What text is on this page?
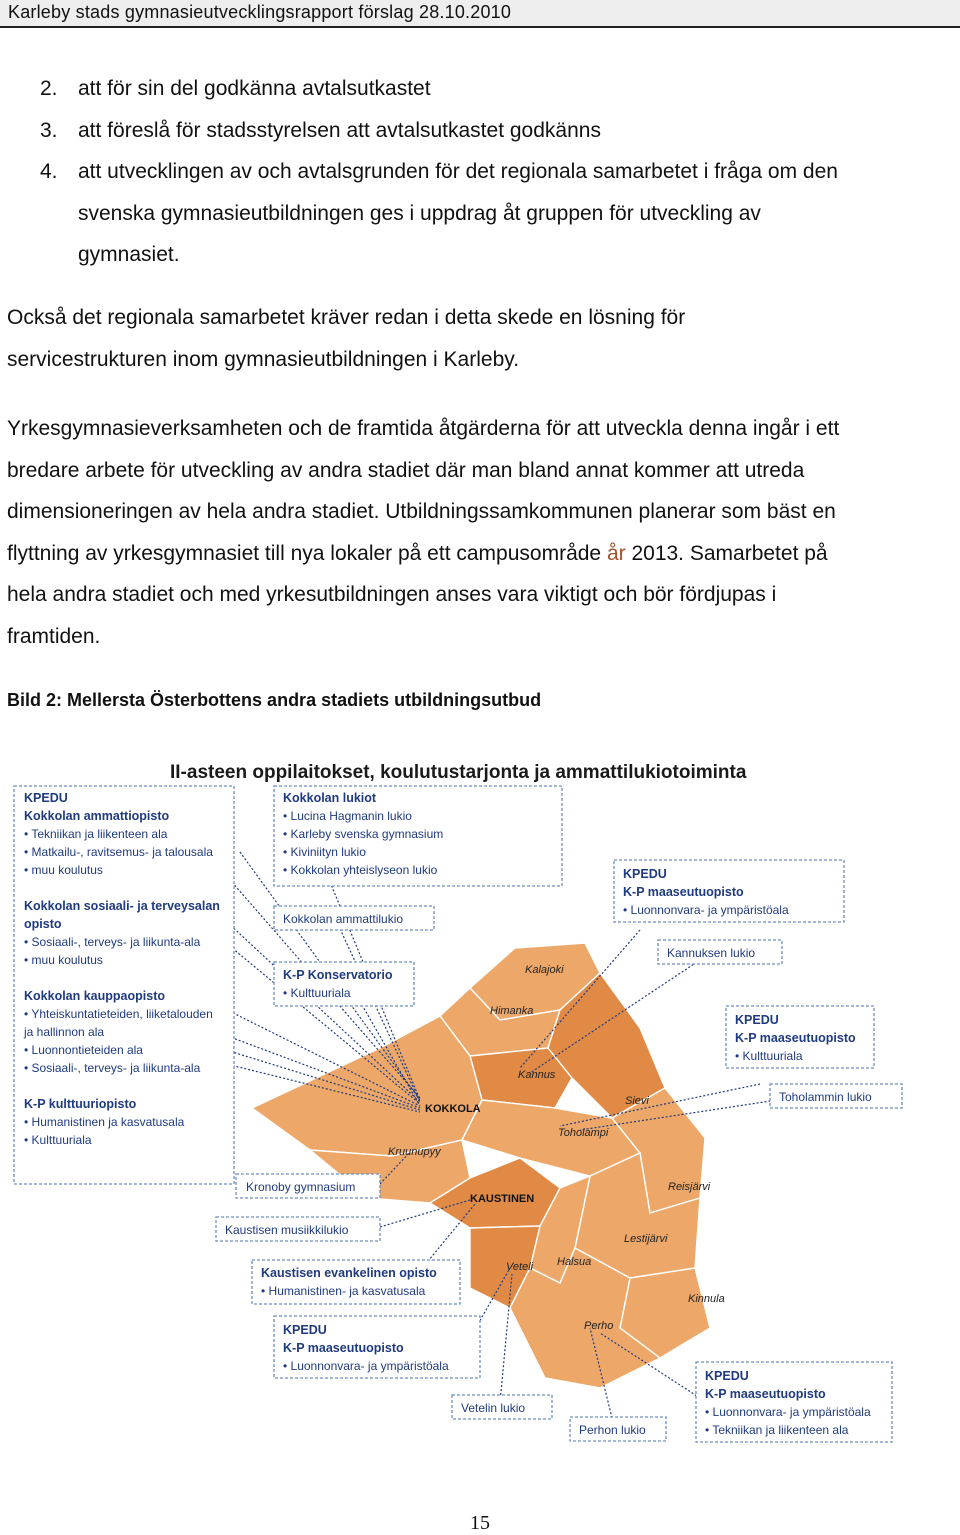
Karleby stads gymnasieutvecklingsrapport förslag 28.10.2010
2. att för sin del godkänna avtalsutkastet
3. att föreslå för stadsstyrelsen att avtalsutkastet godkänns
4. att utvecklingen av och avtalsgrunden för det regionala samarbetet i fråga om den
svenska gymnasieutbildningen ges i uppdrag åt gruppen för utveckling av
gymnasiet.

Också det regionala samarbetet kräver redan i detta skede en lösning för
servicestrukturen inom gymnasieutbildningen i Karleby.

Yrkesgymnasieverksamheten och de framtida åtgärderna för att utveckla denna ingår i ett
bredare arbete för utveckling av andra stadiet där man bland annat kommer att utreda
dimensioneringen av hela andra stadiet. Utbildningssamkommunen planerar som bäst en
flyttning av yrkesgymnasiet till nya lokaler på ett campusområde år 2013. Samarbetet på
hela andra stadiet och med yrkesutbildningen anses vara viktigt och bör fördjupas i
framtiden.

Bild 2: Mellersta Österbottens andra stadiets utbildningsutbud
II-asteen oppilaitokset, koulutustarjonta ja ammattilukiotoiminta
Kalajoki
Himanka
Kannus
KOKKOLA
Sievi
Toholampi
Kruunupyy
KAUSTINEN
Reisjärvi
Lestijärvi
Halsua
Veteli
Kinnula
Perho
KPEDU
Kokkolan ammattiopisto
• Tekniikan ja liikenteen ala
• Matkailu-, ravitsemus- ja talousala
• muu koulutus
Kokkolan sosiaali- ja terveysalan
opisto
• Sosiaali-, terveys- ja liikunta-ala
• muu koulutus
Kokkolan kauppaopisto
• Yhteiskuntatieteiden, liiketalouden
ja hallinnon ala
• Luonnontieteiden ala
• Sosiaali-, terveys- ja liikunta-ala
K-P kulttuuriopisto
• Humanistinen ja kasvatusala
• Kulttuuriala
Kokkolan lukiot
• Lucina Hagmanin lukio
• Karleby svenska gymnasium
• Kiviniityn lukio
• Kokkolan yhteislyseon lukio
Kokkolan ammattilukio
K-P Konservatorio
• Kulttuuriala
KPEDU
K-P maaseutuopisto
• Luonnonvara- ja ympäristöala
Kannuksen lukio
KPEDU
K-P maaseutuopisto
• Kulttuuriala
Toholammin lukio
Kronoby gymnasium
Kaustisen musiikkilukio
Kaustisen evankelinen opisto
• Humanistinen- ja kasvatusala
KPEDU
K-P maaseutuopisto
• Luonnonvara- ja ympäristöala
Vetelin lukio
Perhon lukio
KPEDU
K-P maaseutuopisto
• Luonnonvara- ja ympäristöala
• Tekniikan ja liikenteen ala
15
